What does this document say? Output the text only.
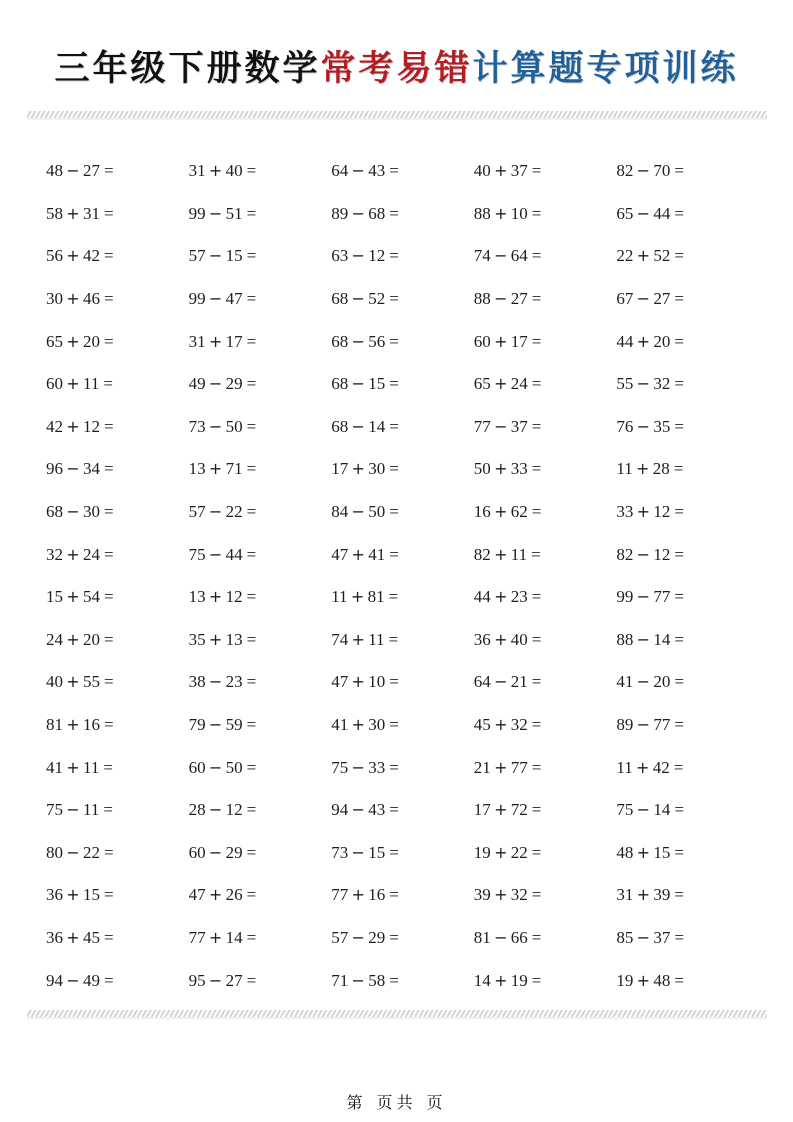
三年级下册数学常考易错计算题专项训练
48 − 27 =	31 + 40 =	64 − 43 =	40 + 37 =	82 − 70 =
58 + 31 =	99 − 51 =	89 − 68 =	88 + 10 =	65 − 44 =
56 + 42 =	57 − 15 =	63 − 12 =	74 − 64 =	22 + 52 =
30 + 46 =	99 − 47 =	68 − 52 =	88 − 27 =	67 − 27 =
65 + 20 =	31 + 17 =	68 − 56 =	60 + 17 =	44 + 20 =
60 + 11 =	49 − 29 =	68 − 15 =	65 + 24 =	55 − 32 =
42 + 12 =	73 − 50 =	68 − 14 =	77 − 37 =	76 − 35 =
96 − 34 =	13 + 71 =	17 + 30 =	50 + 33 =	11 + 28 =
68 − 30 =	57 − 22 =	84 − 50 =	16 + 62 =	33 + 12 =
32 + 24 =	75 − 44 =	47 + 41 =	82 + 11 =	82 − 12 =
15 + 54 =	13 + 12 =	11 + 81 =	44 + 23 =	99 − 77 =
24 + 20 =	35 + 13 =	74 + 11 =	36 + 40 =	88 − 14 =
40 + 55 =	38 − 23 =	47 + 10 =	64 − 21 =	41 − 20 =
81 + 16 =	79 − 59 =	41 + 30 =	45 + 32 =	89 − 77 =
41 + 11 =	60 − 50 =	75 − 33 =	21 + 77 =	11 + 42 =
75 − 11 =	28 − 12 =	94 − 43 =	17 + 72 =	75 − 14 =
80 − 22 =	60 − 29 =	73 − 15 =	19 + 22 =	48 + 15 =
36 + 15 =	47 + 26 =	77 + 16 =	39 + 32 =	31 + 39 =
36 + 45 =	77 + 14 =	57 − 29 =	81 − 66 =	85 − 37 =
94 − 49 =	95 − 27 =	71 − 58 =	14 + 19 =	19 + 48 =
第 页共 页
